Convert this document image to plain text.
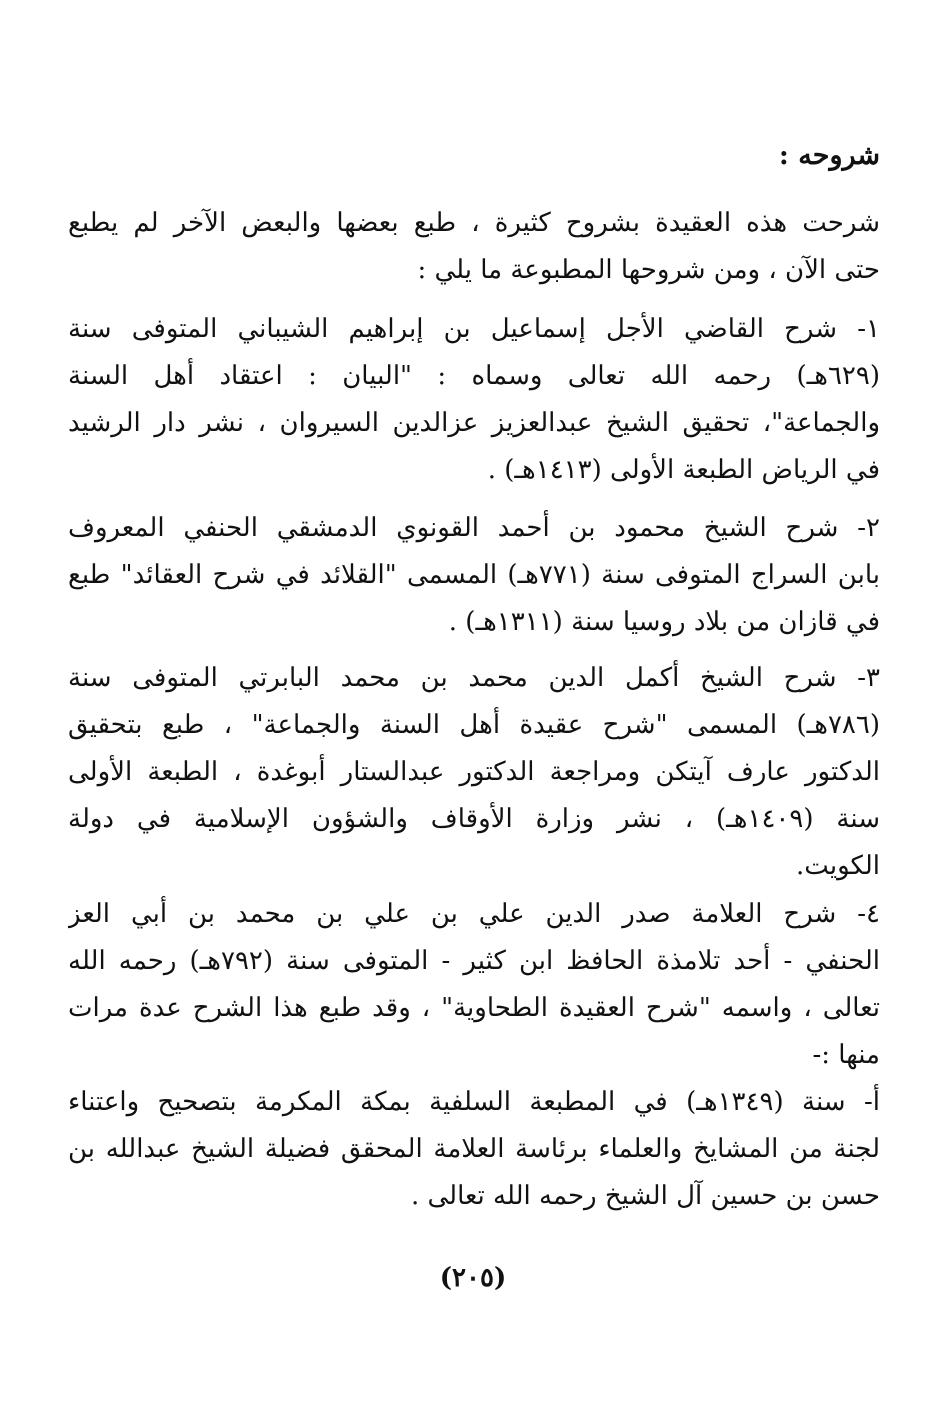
شروحه :

شرحت هذه العقيدة بشروح كثيرة ، طبع بعضها والبعض الآخر لم يطبع
حتى الآن ، ومن شروحها المطبوعة ما يلي :

١- شرح القاضي الأجل إسماعيل بن إبراهيم الشيباني المتوفى سنة
(٦٢٩هـ) رحمه الله تعالى وسماه : "البيان : اعتقاد أهل السنة
والجماعة"، تحقيق الشيخ عبدالعزيز عزالدين السيروان ، نشر دار الرشيد
في الرياض الطبعة الأولى (١٤١٣هـ) .

٢- شرح الشيخ محمود بن أحمد القونوي الدمشقي الحنفي المعروف
بابن السراج المتوفى سنة (٧٧١هـ) المسمى "القلائد في شرح العقائد" طبع
في قازان من بلاد روسيا سنة (١٣١١هـ) .

٣- شرح الشيخ أكمل الدين محمد بن محمد البابرتي المتوفى سنة
(٧٨٦هـ) المسمى "شرح عقيدة أهل السنة والجماعة" ، طبع بتحقيق
الدكتور عارف آيتكن ومراجعة الدكتور عبدالستار أبوغدة ، الطبعة الأولى
سنة (١٤٠٩هـ) ، نشر وزارة الأوقاف والشؤون الإسلامية في دولة
الكويت.

٤- شرح العلامة صدر الدين علي بن علي بن محمد بن أبي العز
الحنفي - أحد تلامذة الحافظ ابن كثير - المتوفى سنة (٧٩٢هـ) رحمه الله
تعالى ، واسمه "شرح العقيدة الطحاوية" ، وقد طبع هذا الشرح عدة مرات
منها :-

أ- سنة (١٣٤٩هـ) في المطبعة السلفية بمكة المكرمة بتصحيح واعتناء
لجنة من المشايخ والعلماء برئاسة العلامة المحقق فضيلة الشيخ عبدالله بن
حسن بن حسين آل الشيخ رحمه الله تعالى .

(٢٠٥)
